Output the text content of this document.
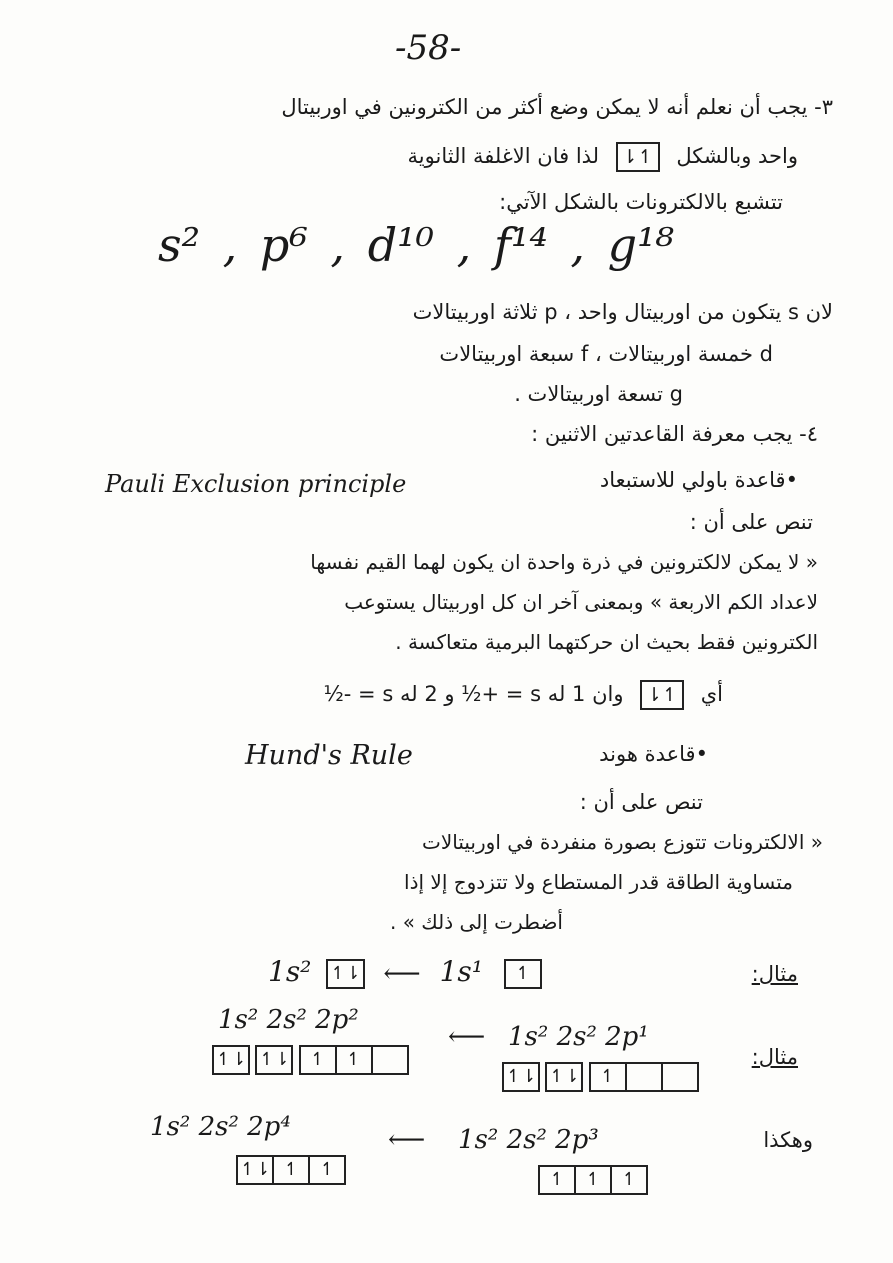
-58-
٣- يجب أن نعلم أنه لا يمكن وضع أكثر من الكترونين في اوربيتال
واحد وبالشكل ↿⇂ لذا فان الاغلفة الثانوية
تتشبع بالالكترونات بالشكل الآتي:
s² , p⁶ , d¹⁰ , f¹⁴ , g¹⁸
لان s يتكون من اوربيتال واحد ، p ثلاثة اوربيتالات
d خمسة اوربيتالات ، f سبعة اوربيتالات
g تسعة اوربيتالات .
٤- يجب معرفة القاعدتين الاثنين :
Pauli Exclusion principle
•	قاعدة باولي للاستبعاد
تنص على أن :
« لا يمكن لالكترونين في ذرة واحدة ان يكون لهما القيم نفسها
لاعداد الكم الاربعة » وبمعنى آخر ان كل اوربيتال يستوعب
الكترونين فقط بحيث ان حركتهما البرمية متعاكسة .
أي ↿⇂ وان 1 له s = +½ و 2 له s = -½
• قاعدة هوند
Hund's Rule
تنص على أن :
« الالكترونات تتوزع بصورة منفردة في اوربيتالات
متساوية الطاقة قدر المستطاع ولا تتزدوج إلا إذا
أضطرت إلى ذلك » .
مثال:
1s² ↿⇂ ⟵ 1s¹	↿
مثال:
1s² 2s² 2p²
↿⇂
↿⇂
	↿	↿
⟵ 1s² 2s² 2p¹
↿⇂
↿⇂
	↿
وهكذا
1s² 2s² 2p⁴
↿⇂ ↿	↿
⟵	1s² 2s² 2p³
↿	↿	↿
